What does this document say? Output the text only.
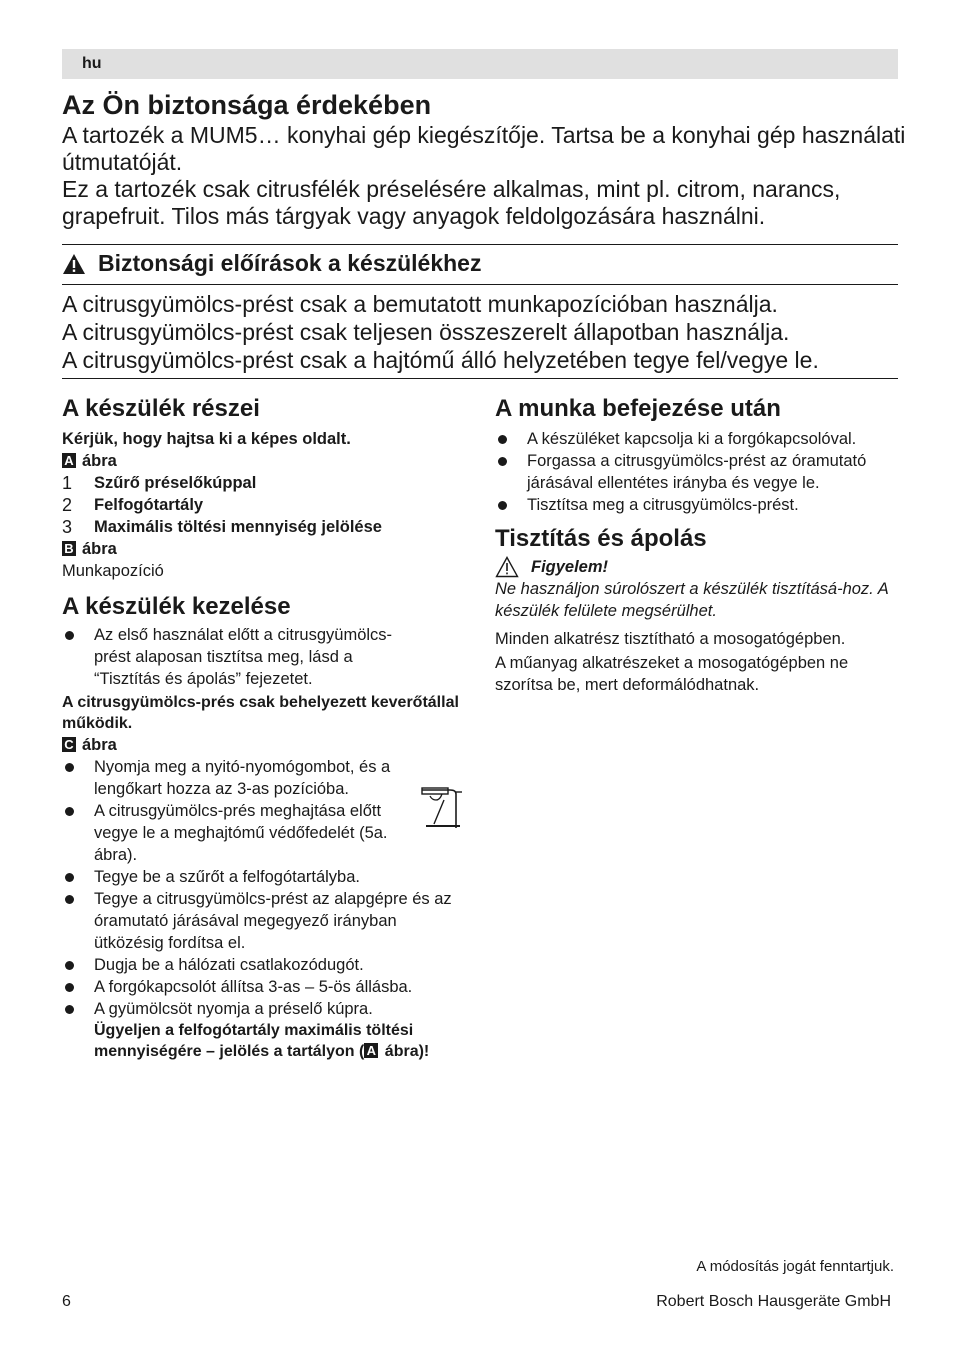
hu
Az Ön biztonsága érdekében

A tartozék a MUM5… konyhai gép kiegészítője. Tartsa be a konyhai gép használati útmutatóját.

Ez a tartozék csak citrusfélék préselésére alkalmas, mint pl. citrom, narancs, grapefruit. Tilos más tárgyak vagy anyagok feldolgozására használni.

Biztonsági előírások a készülékhez

A citrusgyümölcs-prést csak a bemutatott munkapozícióban használja.

A citrusgyümölcs-prést csak teljesen összeszerelt állapotban használja.

A citrusgyümölcs-prést csak a hajtómű álló helyzetében tegye fel/vegye le.

A készülék részei

Kérjük, hogy hajtsa ki a képes oldalt.

A ábra

1	Szűrő préselőkúppal
2	Felfogótartály
3	Maximális töltési mennyiség jelölése

B ábra

Munkapozíció

A készülék kezelése
Az első használat előtt a citrusgyümölcs-prést alaposan tisztítsa meg, lásd a “Tisztítás és ápolás” fejezetet.

A citrusgyümölcs-prés csak behelyezett keverőtállal működik.

C ábra

Nyomja meg a nyitó-nyomógombot, és a lengőkart hozza az 3-as pozícióba.
A citrusgyümölcs-prés meghajtása előtt vegye le a meghajtómű védőfedelét (5a. ábra).
Tegye be a szűrőt a felfogótartályba.
Tegye a citrusgyümölcs-prést az alapgépre és az óramutató járásával megegyező irányban ütközésig fordítsa el.
Dugja be a hálózati csatlakozódugót.
A forgókapcsolót állítsa 3-as – 5-ös állásba.
A gyümölcsöt nyomja a préselő kúpra.

Ügyeljen a felfogótartály maximális töltési mennyiségére – jelölés a tartályon ( A ábra)!

A munka befejezése után
A készüléket kapcsolja ki a forgókapcsolóval.
Forgassa a citrusgyümölcs-prést az óramutató járásával ellentétes irányba és vegye le.
Tisztítsa meg a citrusgyümölcs-prést.
Tisztítás és ápolás
Figyelem!

Ne használjon súrolószert a készülék tisztításá-hoz. A készülék felülete megsérülhet.

Minden alkatrész tisztítható a mosogatógépben.

A műanyag alkatrészeket a mosogatógépben ne szorítsa be, mert deformálódhatnak.

A módosítás jogát fenntartjuk.
6	Robert Bosch Hausgeräte GmbH
